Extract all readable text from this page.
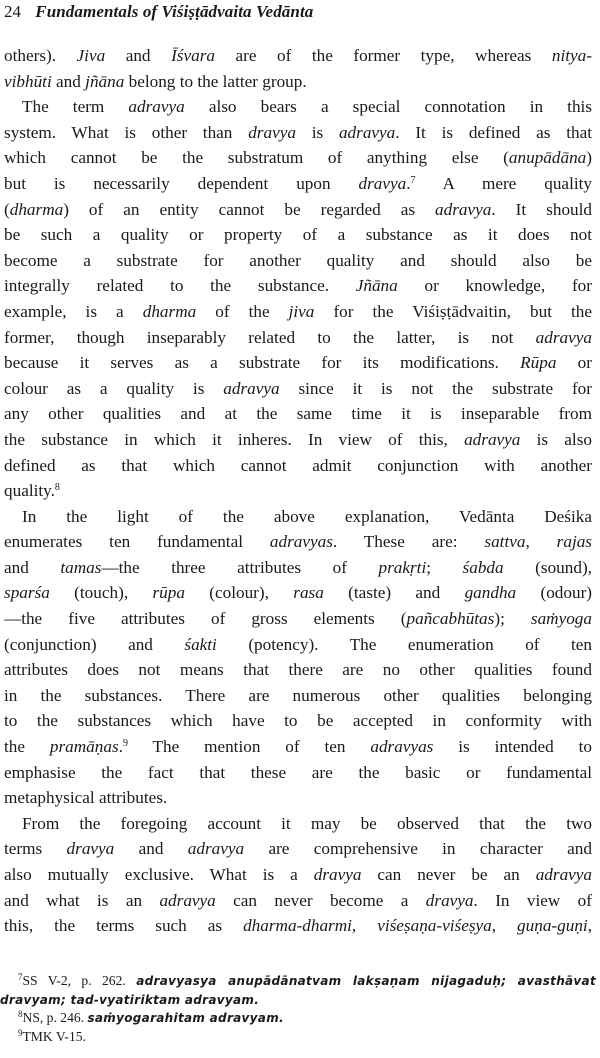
24 Fundamentals of Viśiṣṭādvaita Vedānta
others). Jiva and Īśvara are of the former type, whereas nitya-
vibhūti and jñāna belong to the latter group.
The term adravya also bears a special connotation in this
system. What is other than dravya is adravya. It is defined as that
which cannot be the substratum of anything else (anupādāna)
but is necessarily dependent upon dravya.$^7$ A mere quality
(dharma) of an entity cannot be regarded as adravya. It should
be such a quality or property of a substance as it does not
become a substrate for another quality and should also be
integrally related to the substance. Jñāna or knowledge, for
example, is a dharma of the jiva for the Viśiṣṭādvaitin, but the
former, though inseparably related to the latter, is not adravya
because it serves as a substrate for its modifications. Rūpa or
colour as a quality is adravya since it is not the substrate for
any other qualities and at the same time it is inseparable from
the substance in which it inheres. In view of this, adravya is also
defined as that which cannot admit conjunction with another
quality.$^8$
In the light of the above explanation, Vedānta Deśika
enumerates ten fundamental adravyas. These are: sattva, rajas
and tamas—the three attributes of prakṛti; śabda (sound),
sparśa (touch), rūpa (colour), rasa (taste) and gandha (odour)
—the five attributes of gross elements (pañcabhūtas); saṁyoga
(conjunction) and śakti (potency). The enumeration of ten
attributes does not means that there are no other qualities found
in the substances. There are numerous other qualities belonging
to the substances which have to be accepted in conformity with
the pramāṇas.$^9$ The mention of ten adravyas is intended to
emphasise the fact that these are the basic or fundamental
metaphysical attributes.
From the foregoing account it may be observed that the two
terms dravya and adravya are comprehensive in character and
also mutually exclusive. What is a dravya can never be an adravya
and what is an adravya can never become a dravya. In view of
this, the terms such as dharma-dharmi, viśeṣaṇa-viśeṣya, guṇa-guṇi,
$^7$SS V-2, p. 262. adravyasya anupādānatvam lakṣaṇam nijagaduḥ; avasthāvat
dravyam; tad-vyatiriktam adravyam.
$^8$NS, p. 246. saṁyogarahitam adravyam.
$^9$TMK V-15.
